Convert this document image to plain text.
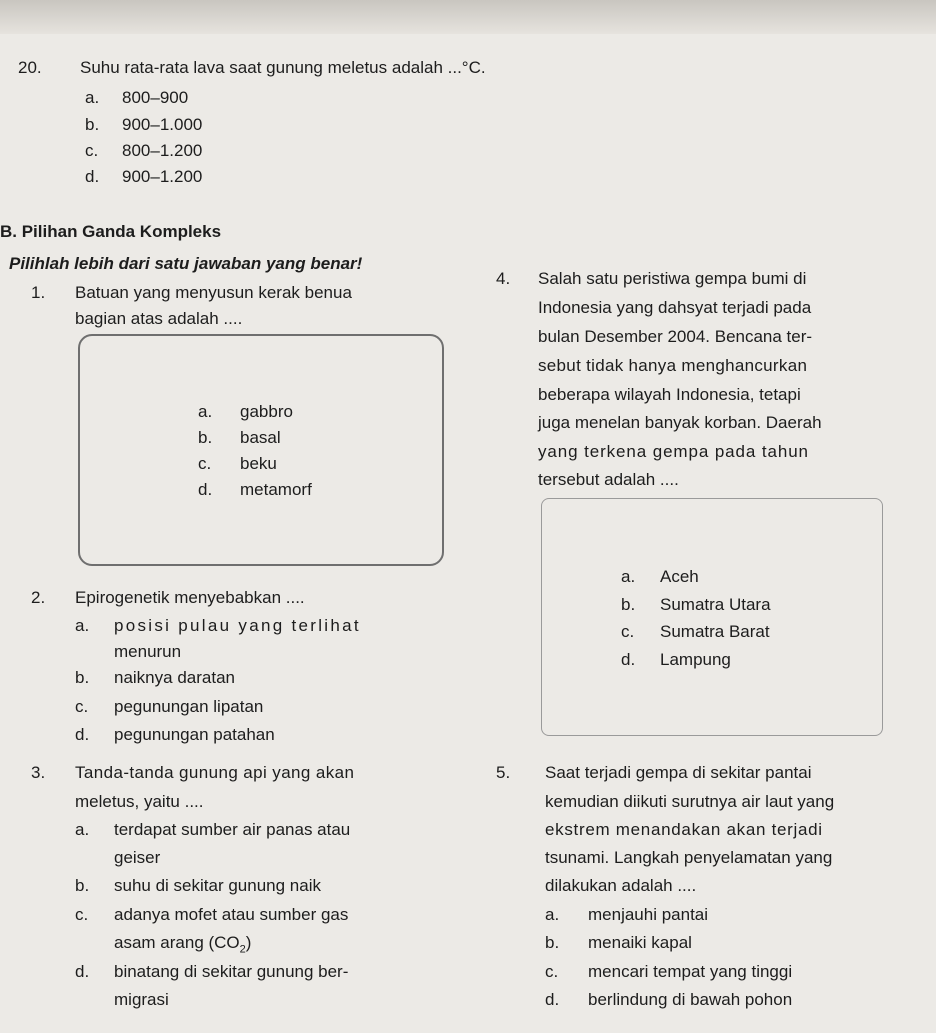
20. Suhu rata-rata lava saat gunung meletus adalah ...°C.
a. 800–900
b. 900–1.000
c. 800–1.200
d. 900–1.200
B. Pilihan Ganda Kompleks
Pilihlah lebih dari satu jawaban yang benar!
1. Batuan yang menyusun kerak benua
bagian atas adalah ....
a. gabbro
b. basal
c. beku
d. metamorf
2. Epirogenetik menyebabkan ....
a. posisi pulau yang terlihat
menurun
b. naiknya daratan
c. pegunungan lipatan
d. pegunungan patahan
3. Tanda-tanda gunung api yang akan
meletus, yaitu ....
a. terdapat sumber air panas atau
geiser
b. suhu di sekitar gunung naik
c. adanya mofet atau sumber gas
asam arang $(CO_2)$
d. binatang di sekitar gunung ber-
migrasi
4. Salah satu peristiwa gempa bumi di
Indonesia yang dahsyat terjadi pada
bulan Desember 2004. Bencana ter-
sebut tidak hanya menghancurkan
beberapa wilayah Indonesia, tetapi
juga menelan banyak korban. Daerah
yang terkena gempa pada tahun
tersebut adalah ....
a. Aceh
b. Sumatra Utara
c. Sumatra Barat
d. Lampung
5. Saat terjadi gempa di sekitar pantai
kemudian diikuti surutnya air laut yang
ekstrem menandakan akan terjadi
tsunami. Langkah penyelamatan yang
dilakukan adalah ....
a. menjauhi pantai
b. menaiki kapal
c. mencari tempat yang tinggi
d. berlindung di bawah pohon
